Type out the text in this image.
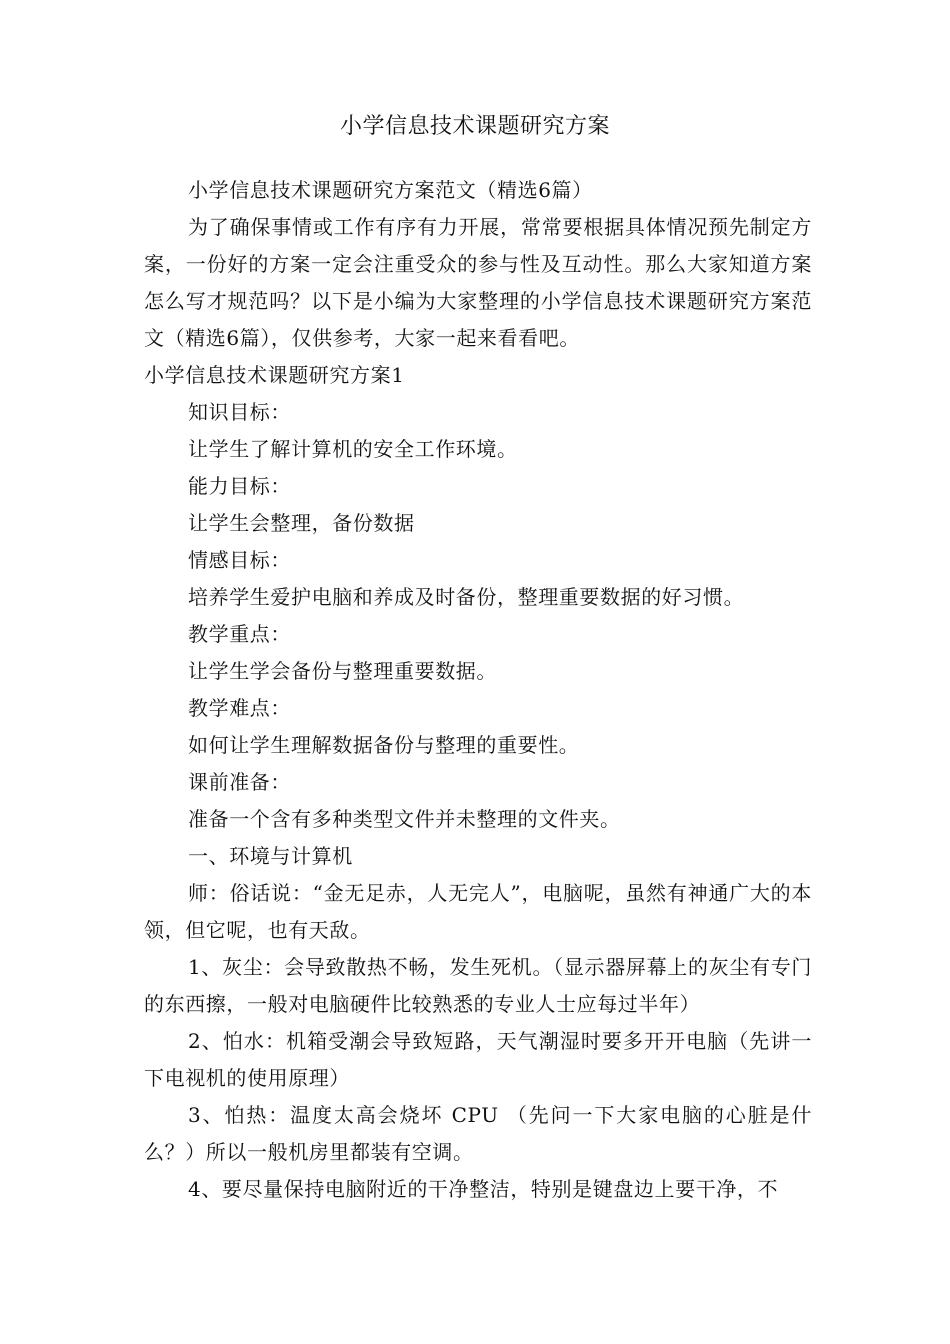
小学信息技术课题研究方案

小学信息技术课题研究方案范文（精选6篇）

为了确保事情或工作有序有力开展，常常要根据具体情况预先制定方案，一份好的方案一定会注重受众的参与性及互动性。那么大家知道方案怎么写才规范吗？以下是小编为大家整理的小学信息技术课题研究方案范文（精选6篇），仅供参考，大家一起来看看吧。

小学信息技术课题研究方案1

知识目标：

让学生了解计算机的安全工作环境。

能力目标：

让学生会整理，备份数据

情感目标：

培养学生爱护电脑和养成及时备份，整理重要数据的好习惯。

教学重点：

让学生学会备份与整理重要数据。

教学难点：

如何让学生理解数据备份与整理的重要性。

课前准备：

准备一个含有多种类型文件并未整理的文件夹。

一、环境与计算机

师：俗话说：“金无足赤，人无完人”，电脑呢，虽然有神通广大的本领，但它呢，也有天敌。

1、灰尘：会导致散热不畅，发生死机。（显示器屏幕上的灰尘有专门的东西擦，一般对电脑硬件比较熟悉的专业人士应每过半年）

2、怕水：机箱受潮会导致短路，天气潮湿时要多开开电脑（先讲一下电视机的使用原理）

3、怕热：温度太高会烧坏 CPU （先问一下大家电脑的心脏是什么？）所以一般机房里都装有空调。

4、要尽量保持电脑附近的干净整洁，特别是键盘边上要干净，不
